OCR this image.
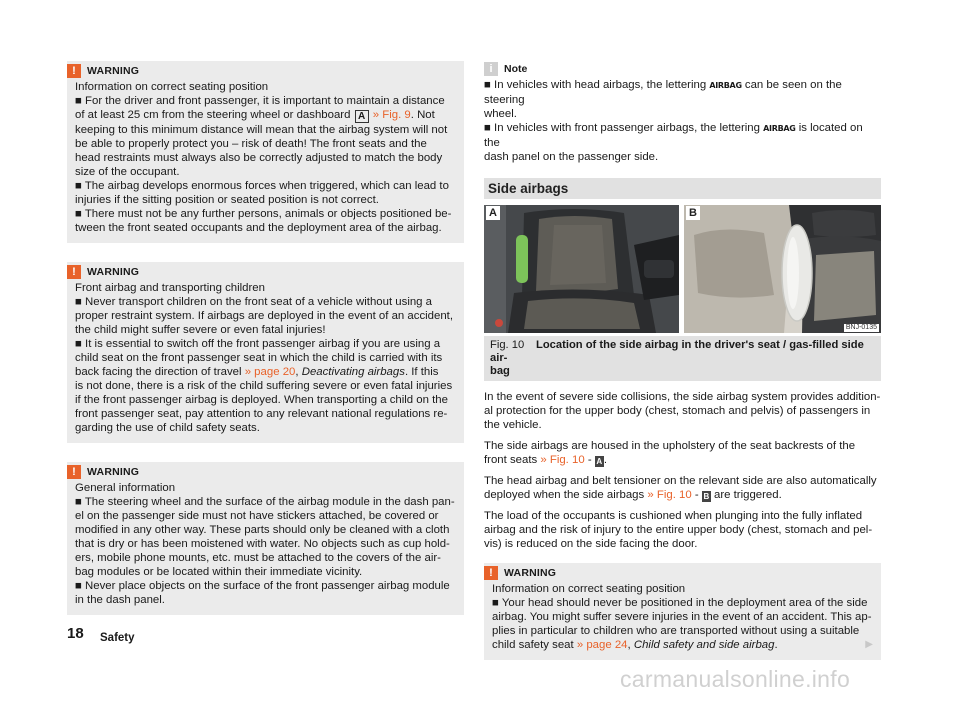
!	WARNING

Information on correct seating position

■ For the driver and front passenger, it is important to maintain a distance

of at least 25 cm from the steering wheel or dashboard A » Fig. 9. Not

keeping to this minimum distance will mean that the airbag system will not

be able to properly protect you – risk of death! The front seats and the

head restraints must always also be correctly adjusted to match the body

size of the occupant.

■ The airbag develops enormous forces when triggered, which can lead to

injuries if the sitting position or seated position is not correct.

■ There must not be any further persons, animals or objects positioned be-

tween the front seated occupants and the deployment area of the airbag.

!	WARNING

Front airbag and transporting children

■ Never transport children on the front seat of a vehicle without using a

proper restraint system. If airbags are deployed in the event of an accident,

the child might suffer severe or even fatal injuries!

■ It is essential to switch off the front passenger airbag if you are using a

child seat on the front passenger seat in which the child is carried with its

back facing the direction of travel » page 20, Deactivating airbags. If this

is not done, there is a risk of the child suffering severe or even fatal injuries

if the front passenger airbag is deployed. When transporting a child on the

front passenger seat, pay attention to any relevant national regulations re-

garding the use of child safety seats.

!	WARNING

General information

■ The steering wheel and the surface of the airbag module in the dash pan-

el on the passenger side must not have stickers attached, be covered or

modified in any other way. These parts should only be cleaned with a cloth

that is dry or has been moistened with water. No objects such as cup hold-

ers, mobile phone mounts, etc. must be attached to the covers of the air-

bag modules or be located within their immediate vicinity.

■ Never place objects on the surface of the front passenger airbag module

in the dash panel.

i	Note

■ In vehicles with head airbags, the lettering AIRBAG can be seen on the steering

wheel.

■ In vehicles with front passenger airbags, the lettering AIRBAG is located on the

dash panel on the passenger side.

Side airbags
A	B
BNJ-0135

Fig. 10 Location of the side airbag in the driver's seat / gas-filled side air-

bag

In the event of severe side collisions, the side airbag system provides addition-

al protection for the upper body (chest, stomach and pelvis) of passengers in

the vehicle.

The side airbags are housed in the upholstery of the seat backrests of the

front seats » Fig. 10 - A .

The head airbag and belt tensioner on the relevant side are also automatically

deployed when the side airbags » Fig. 10 - B are triggered.

The load of the occupants is cushioned when plunging into the fully inflated

airbag and the risk of injury to the entire upper body (chest, stomach and pel-

vis) is reduced on the side facing the door.

!	WARNING

Information on correct seating position

■ Your head should never be positioned in the deployment area of the side

airbag. You might suffer severe injuries in the event of an accident. This ap-

plies in particular to children who are transported without using a suitable

child safety seat » page 24, Child safety and side airbag.	▶

18 Safety
carmanualsonline.info
